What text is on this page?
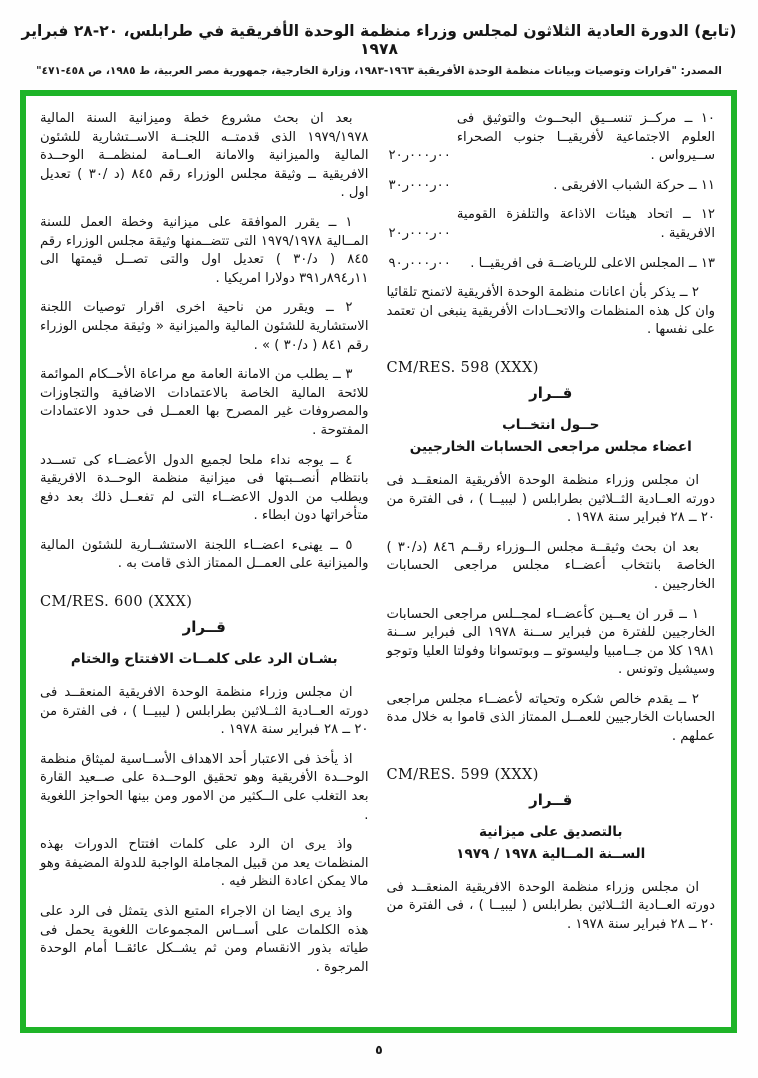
(تابع) الدورة العادية الثلاثون لمجلس وزراء منظمة الوحدة الأفريقية في طرابلس، ٢٠-٢٨ فبراير ١٩٧٨
المصدر: "قرارات وتوصيات وبيانات منظمة الوحدة الأفريقية ١٩٦٣-١٩٨٣، وزارة الخارجية، جمهورية مصر العربية، ط ١٩٨٥، ص ٤٥٨-٤٧١"
١٠ ــ مركــز تنســيق البحــوث والتوثيق فى العلوم الاجتماعية لأفريقيــا جنوب الصحراء ســيرواس .
٠٠ر٠٠٠ر٢٠
١١ ــ حركة الشباب الافريقى .
٠٠ر٠٠٠ر٣٠
١٢ ــ اتحاد هيئات الاذاعة والتلفزة القومية الافريقية .
٠٠ر٠٠٠ر٢٠
١٣ ــ المجلس الاعلى للرياضــة فى افريقيــا .
٠٠ر٠٠٠ر٩٠

٢ ــ يذكر بأن اعانات منظمة الوحدة الأفريقية لاتمنح تلقائيا وان كل هذه المنظمات والاتحــادات الأفريقية ينبغى ان تعتمد على نفسها .

CM/RES. 598 (XXX)
قــرار
حــول انتخــاب
اعضاء مجلس مراجعى الحسابات الخارجيين

ان مجلس وزراء منظمة الوحدة الأفريقية المنعقــد فى دورته العــادية الثــلاثين بطرابلس ( ليبيــا ) ، فى الفترة من ٢٠ ــ ٢٨ فبراير سنة ١٩٧٨ .

بعد ان بحث وثيقــة مجلس الــوزراء رقــم ٨٤٦ (د/٣٠ ) الخاصة بانتخاب أعضــاء مجلس مراجعى الحسابات الخارجيين .

١ ــ قرر ان يعــين كأعضــاء لمجــلس مراجعى الحسابات الخارجيين للفترة من فبراير ســنة ١٩٧٨ الى فبراير ســنة ١٩٨١ كلا من جــامبيا وليسوتو ــ وبوتسوانا وفولتا العليا وتوجو وسيشيل وتونس .

٢ ــ يقدم خالص شكره وتحياته لأعضــاء مجلس مراجعى الحسابات الخارجيين للعمــل الممتاز الذى قاموا به خلال مدة عملهم .

CM/RES. 599 (XXX)
قــرار
بالتصديق على ميزانية
الســنة المــالية ١٩٧٨ / ١٩٧٩

ان مجلس وزراء منظمة الوحدة الافريقية المنعقــد فى دورته العــادية الثــلاثين بطرابلس ( ليبيــا ) ، فى الفترة من ٢٠ ــ ٢٨ فبراير سنة ١٩٧٨ .

بعد ان بحث مشروع خطة وميزانية السنة المالية ١٩٧٩/١٩٧٨ الذى قدمتــه اللجنــة الاســتشارية للشئون المالية والميزانية والامانة العــامة لمنظمــة الوحــدة الافريقية ــ وثيقة مجلس الوزراء رقم ٨٤٥ (د /٣٠ ) تعديل اول .

١ ــ يقرر الموافقة على ميزانية وخطة العمل للسنة المــالية ١٩٧٩/١٩٧٨ التى تتضــمنها وثيقة مجلس الوزراء رقم ٨٤٥ ( د/٣٠ ) تعديل اول والتى تصــل قيمتها الى ١١ر٨٩٤ر٣٩١ دولارا امريكيا .

٢ ــ ويقرر من ناحية اخرى اقرار توصيات اللجنة الاستشارية للشئون المالية والميزانية « وثيقة مجلس الوزراء رقم ٨٤١ ( د/٣٠ ) » .

٣ ــ يطلب من الامانة العامة مع مراعاة الأحــكام الموائمة للائحة المالية الخاصة بالاعتمادات الاضافية والتجاوزات والمصروفات غير المصرح بها العمــل فى حدود الاعتمادات المفتوحة .

٤ ــ يوجه نداء ملحا لجميع الدول الأعضــاء كى تســدد بانتظام أنصــبتها فى ميزانية منظمة الوحــدة الافريقية ويطلب من الدول الاعضــاء التى لم تفعــل ذلك بعد دفع متأخراتها دون ابطاء .

٥ ــ يهنىء اعضــاء اللجنة الاستشــارية للشئون المالية والميزانية على العمــل الممتاز الذى قامت به .

CM/RES. 600 (XXX)
قــرار
بشـان الرد على كلمــات الافتتاح والختام

ان مجلس وزراء منظمة الوحدة الافريقية المنعقــد فى دورته العــادية الثــلاثين بطرابلس ( ليبيــا ) ، فى الفترة من ٢٠ ــ ٢٨ فبراير سنة ١٩٧٨ .

اذ يأخذ فى الاعتبار أحد الاهداف الأســاسية لميثاق منظمة الوحــدة الأفريقية وهو تحقيق الوحــدة على صــعيد القارة بعد التغلب على الــكثير من الامور ومن بينها الحواجز اللغوية .

واذ يرى ان الرد على كلمات افتتاح الدورات بهذه المنظمات يعد من قبيل المجاملة الواجبة للدولة المضيفة وهو مالا يمكن اعادة النظر فيه .

واذ يرى ايضا ان الاجراء المتبع الذى يتمثل فى الرد على هذه الكلمات على أســاس المجموعات اللغوية يحمل فى طياته بذور الانقسام ومن ثم يشــكل عائقــا أمام الوحدة المرجوة .

٥
